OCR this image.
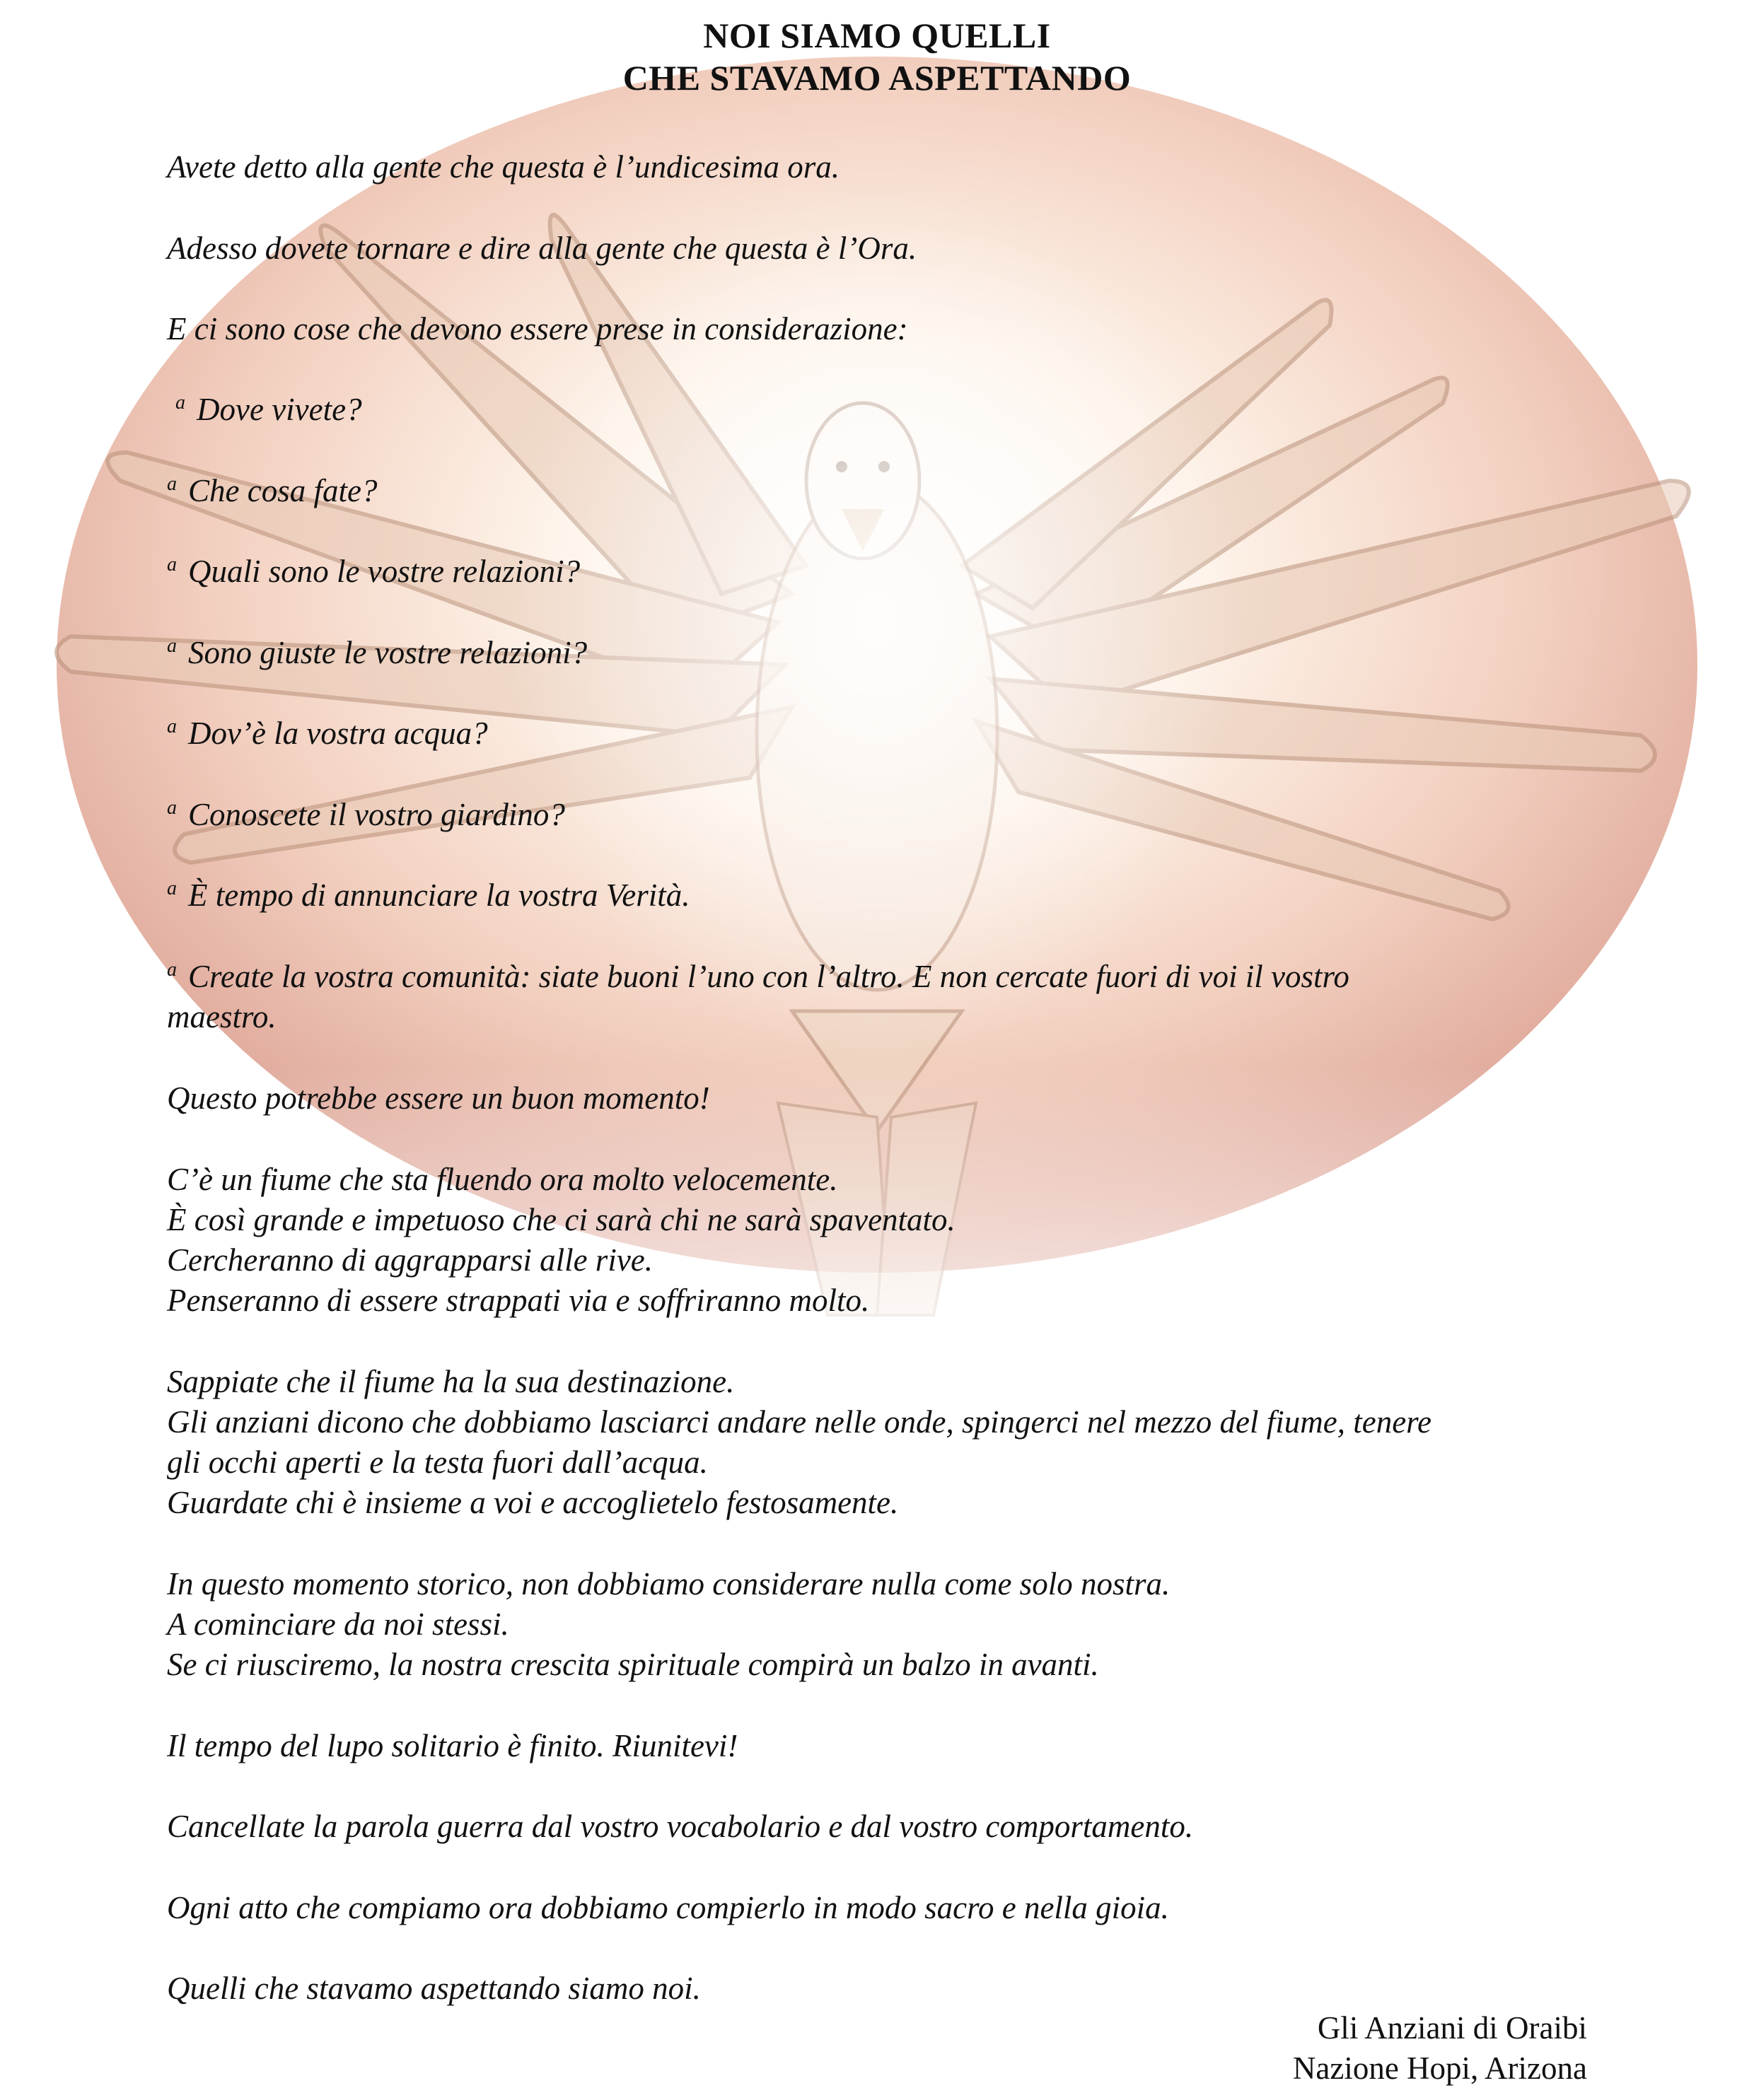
NOI SIAMO QUELLI
CHE STAVAMO ASPETTANDO
Avete detto alla gente che questa è l’undicesima ora.
Adesso dovete tornare e dire alla gente che questa è l’Ora.
E ci sono cose che devono essere prese in considerazione:
$^a$ Dove vivete?
$^a$ Che cosa fate?
$^a$ Quali sono le vostre relazioni?
$^a$ Sono giuste le vostre relazioni?
$^a$ Dov’è la vostra acqua?
$^a$ Conoscete il vostro giardino?
$^a$ È tempo di annunciare la vostra Verità.
$^a$ Create la vostra comunità: siate buoni l’uno con l’altro. E non cercate fuori di voi il vostro
maestro.
Questo potrebbe essere un buon momento!
C’è un fiume che sta fluendo ora molto velocemente.
È così grande e impetuoso che ci sarà chi ne sarà spaventato.
Cercheranno di aggrapparsi alle rive.
Penseranno di essere strappati via e soffriranno molto.
Sappiate che il fiume ha la sua destinazione.
Gli anziani dicono che dobbiamo lasciarci andare nelle onde, spingerci nel mezzo del fiume, tenere
gli occhi aperti e la testa fuori dall’acqua.
Guardate chi è insieme a voi e accoglietelo festosamente.
In questo momento storico, non dobbiamo considerare nulla come solo nostra.
A cominciare da noi stessi.
Se ci riusciremo, la nostra crescita spirituale compirà un balzo in avanti.
Il tempo del lupo solitario è finito. Riunitevi!
Cancellate la parola guerra dal vostro vocabolario e dal vostro comportamento.
Ogni atto che compiamo ora dobbiamo compierlo in modo sacro e nella gioia.
Quelli che stavamo aspettando siamo noi.
Gli Anziani di Oraibi
Nazione Hopi, Arizona
